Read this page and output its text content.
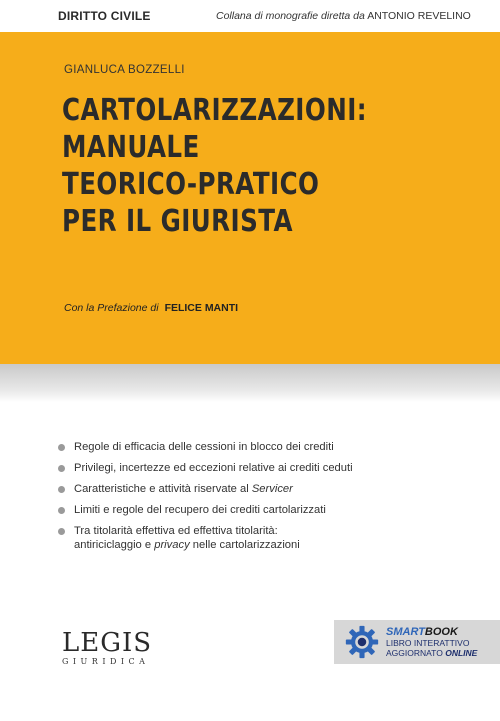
DIRITTO CIVILE	Collana di monografie diretta da ANTONIO REVELINO
GIANLUCA BOZZELLI
CARTOLARIZZAZIONI:
MANUALE
TEORICO-PRATICO
PER IL GIURISTA
Con la Prefazione di FELICE MANTI
Regole di efficacia delle cessioni in blocco dei crediti
Privilegi, incertezze ed eccezioni relative ai crediti ceduti
Caratteristiche e attività riservate al Servicer
Limiti e regole del recupero dei crediti cartolarizzati
Tra titolarità effettiva ed effettiva titolarità:
antiriciclaggio e privacy nelle cartolarizzazioni
LEGIS
GIURIDICA
SMARTBOOK
LIBRO INTERATTIVO
AGGIORNATO ONLINE
